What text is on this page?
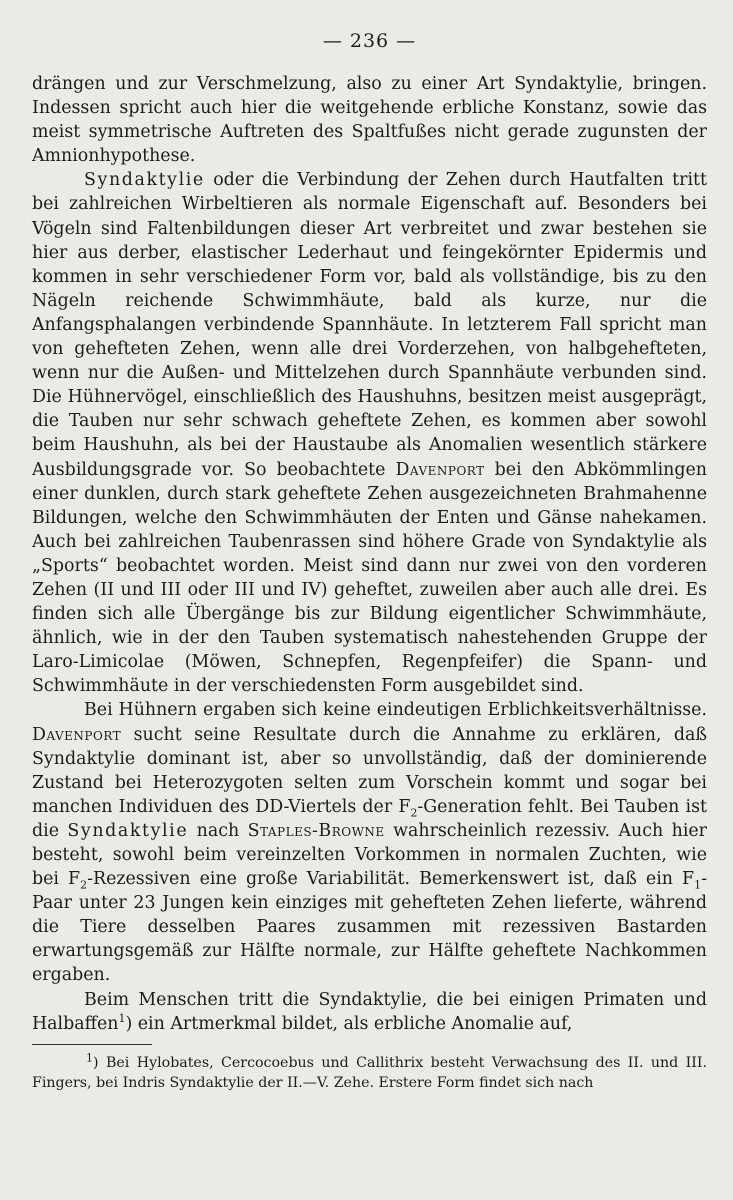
— 236 —

drängen und zur Verschmelzung, also zu einer Art Syndaktylie, bringen. Indessen spricht auch hier die weitgehende erbliche Konstanz, sowie das meist symmetrische Auftreten des Spaltfußes nicht gerade zugunsten der Amnionhypothese.

Syndaktylie oder die Verbindung der Zehen durch Hautfalten tritt bei zahlreichen Wirbeltieren als normale Eigenschaft auf. Besonders bei Vögeln sind Faltenbildungen dieser Art verbreitet und zwar bestehen sie hier aus derber, elastischer Lederhaut und feingekörnter Epidermis und kommen in sehr verschiedener Form vor, bald als vollständige, bis zu den Nägeln reichende Schwimmhäute, bald als kurze, nur die Anfangsphalangen verbindende Spannhäute. In letzterem Fall spricht man von gehefteten Zehen, wenn alle drei Vorderzehen, von halbgehefteten, wenn nur die Außen- und Mittelzehen durch Spannhäute verbunden sind. Die Hühnervögel, einschließlich des Haushuhns, besitzen meist ausgeprägt, die Tauben nur sehr schwach geheftete Zehen, es kommen aber sowohl beim Haushuhn, als bei der Haustaube als Anomalien wesentlich stärkere Ausbildungsgrade vor. So beobachtete Davenport bei den Abkömmlingen einer dunklen, durch stark geheftete Zehen ausgezeichneten Brahmahenne Bildungen, welche den Schwimmhäuten der Enten und Gänse nahekamen. Auch bei zahlreichen Taubenrassen sind höhere Grade von Syndaktylie als „Sports“ beobachtet worden. Meist sind dann nur zwei von den vorderen Zehen (II und III oder III und IV) geheftet, zuweilen aber auch alle drei. Es finden sich alle Übergänge bis zur Bildung eigentlicher Schwimmhäute, ähnlich, wie in der den Tauben systematisch nahestehenden Gruppe der Laro-Limicolae (Möwen, Schnepfen, Regenpfeifer) die Spann- und Schwimmhäute in der verschiedensten Form ausgebildet sind.

Bei Hühnern ergaben sich keine eindeutigen Erblichkeitsverhältnisse. Davenport sucht seine Resultate durch die Annahme zu erklären, daß Syndaktylie dominant ist, aber so unvollständig, daß der dominierende Zustand bei Heterozygoten selten zum Vorschein kommt und sogar bei manchen Individuen des DD-Viertels der $F_2$-Generation fehlt. Bei Tauben ist die Syndaktylie nach Staples-Browne wahrscheinlich rezessiv. Auch hier besteht, sowohl beim vereinzelten Vorkommen in normalen Zuchten, wie bei $F_2$-Rezessiven eine große Variabilität. Bemerkenswert ist, daß ein $F_1$-Paar unter 23 Jungen kein einziges mit gehefteten Zehen lieferte, während die Tiere desselben Paares zusammen mit rezessiven Bastarden erwartungsgemäß zur Hälfte normale, zur Hälfte geheftete Nachkommen ergaben.

Beim Menschen tritt die Syndaktylie, die bei einigen Primaten und Halbaffen$^1$) ein Artmerkmal bildet, als erbliche Anomalie auf,

$^1$) Bei Hylobates, Cercocoebus und Callithrix besteht Verwachsung des II. und III. Fingers, bei Indris Syndaktylie der II.—V. Zehe. Erstere Form findet sich nach
